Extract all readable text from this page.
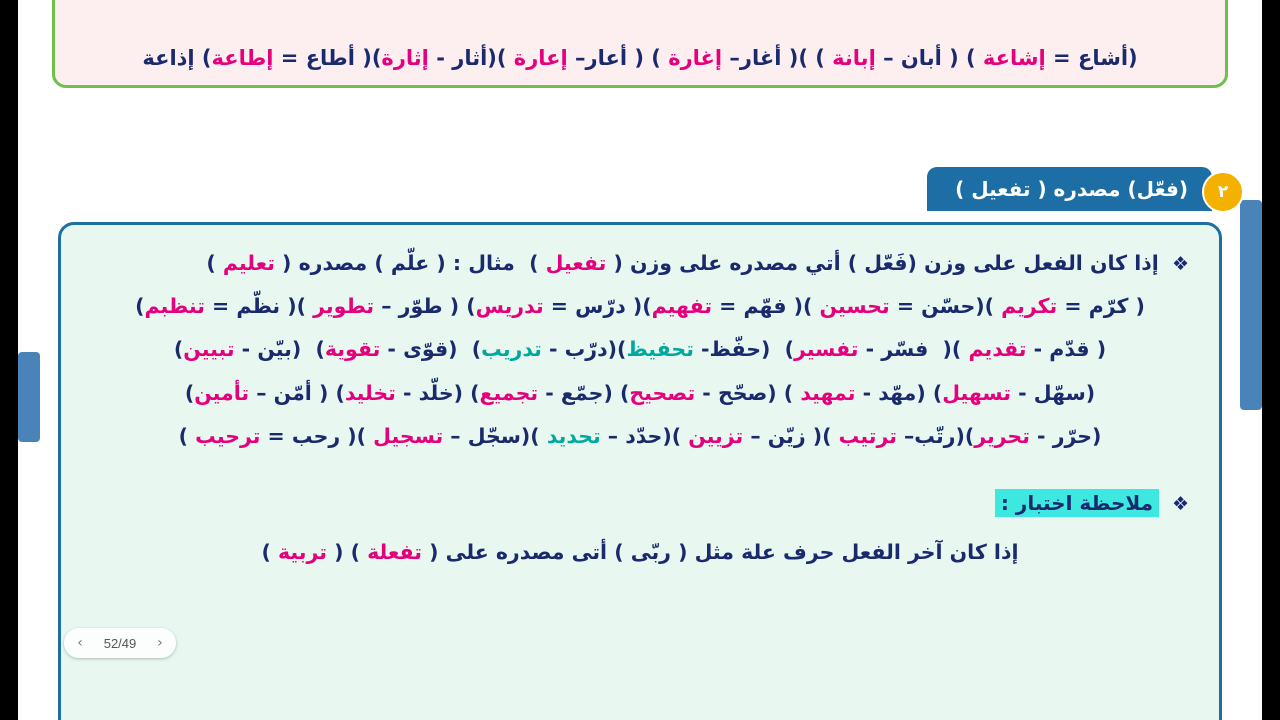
(أشاع = إشاعة ) ( أبان – إبانة ) )( أغار– إغارة ) ( أعار– إعارة )(أثار - إثارة)( أطاع = إطاعة) إذاعة
(فعّل) مصدره ( تفعيل )	٢
❖ إذا كان الفعل على وزن (فَعّل ) أتي مصدره على وزن ( تفعيل )  مثال : ( علّم ) مصدره ( تعليم )
( كرّم = تكريم )(حسّن = تحسين )( فهّم = تفهيم)( درّس = تدريس) ( طوّر – تطوير )( نظّم = تنظبم)
( قدّم - تقديم )(  فسّر - تفسير)  (حفّظ- تحفيظ)(درّب - تدريب)  (قوّى - تقوية)  (بيّن - تبيين)
(سهّل - تسهيل) (مهّد - تمهيد ) (صحّح - تصحيح) (جمّع - تجميع) (خلّد - تخليد) ( أمّن – تأمين)
(حرّر - تحرير)(رتّب– ترتيب )( زيّن – تزيين )(حدّد – تحديد )(سجّل – تسجيل )( رحب = ترحيب )
❖ ملاحظة اختبار :
إذا كان آخر الفعل حرف علة مثل ( ربّى ) أتى مصدره على ( تفعلة ) ( تربية )
‹	52/49	›
